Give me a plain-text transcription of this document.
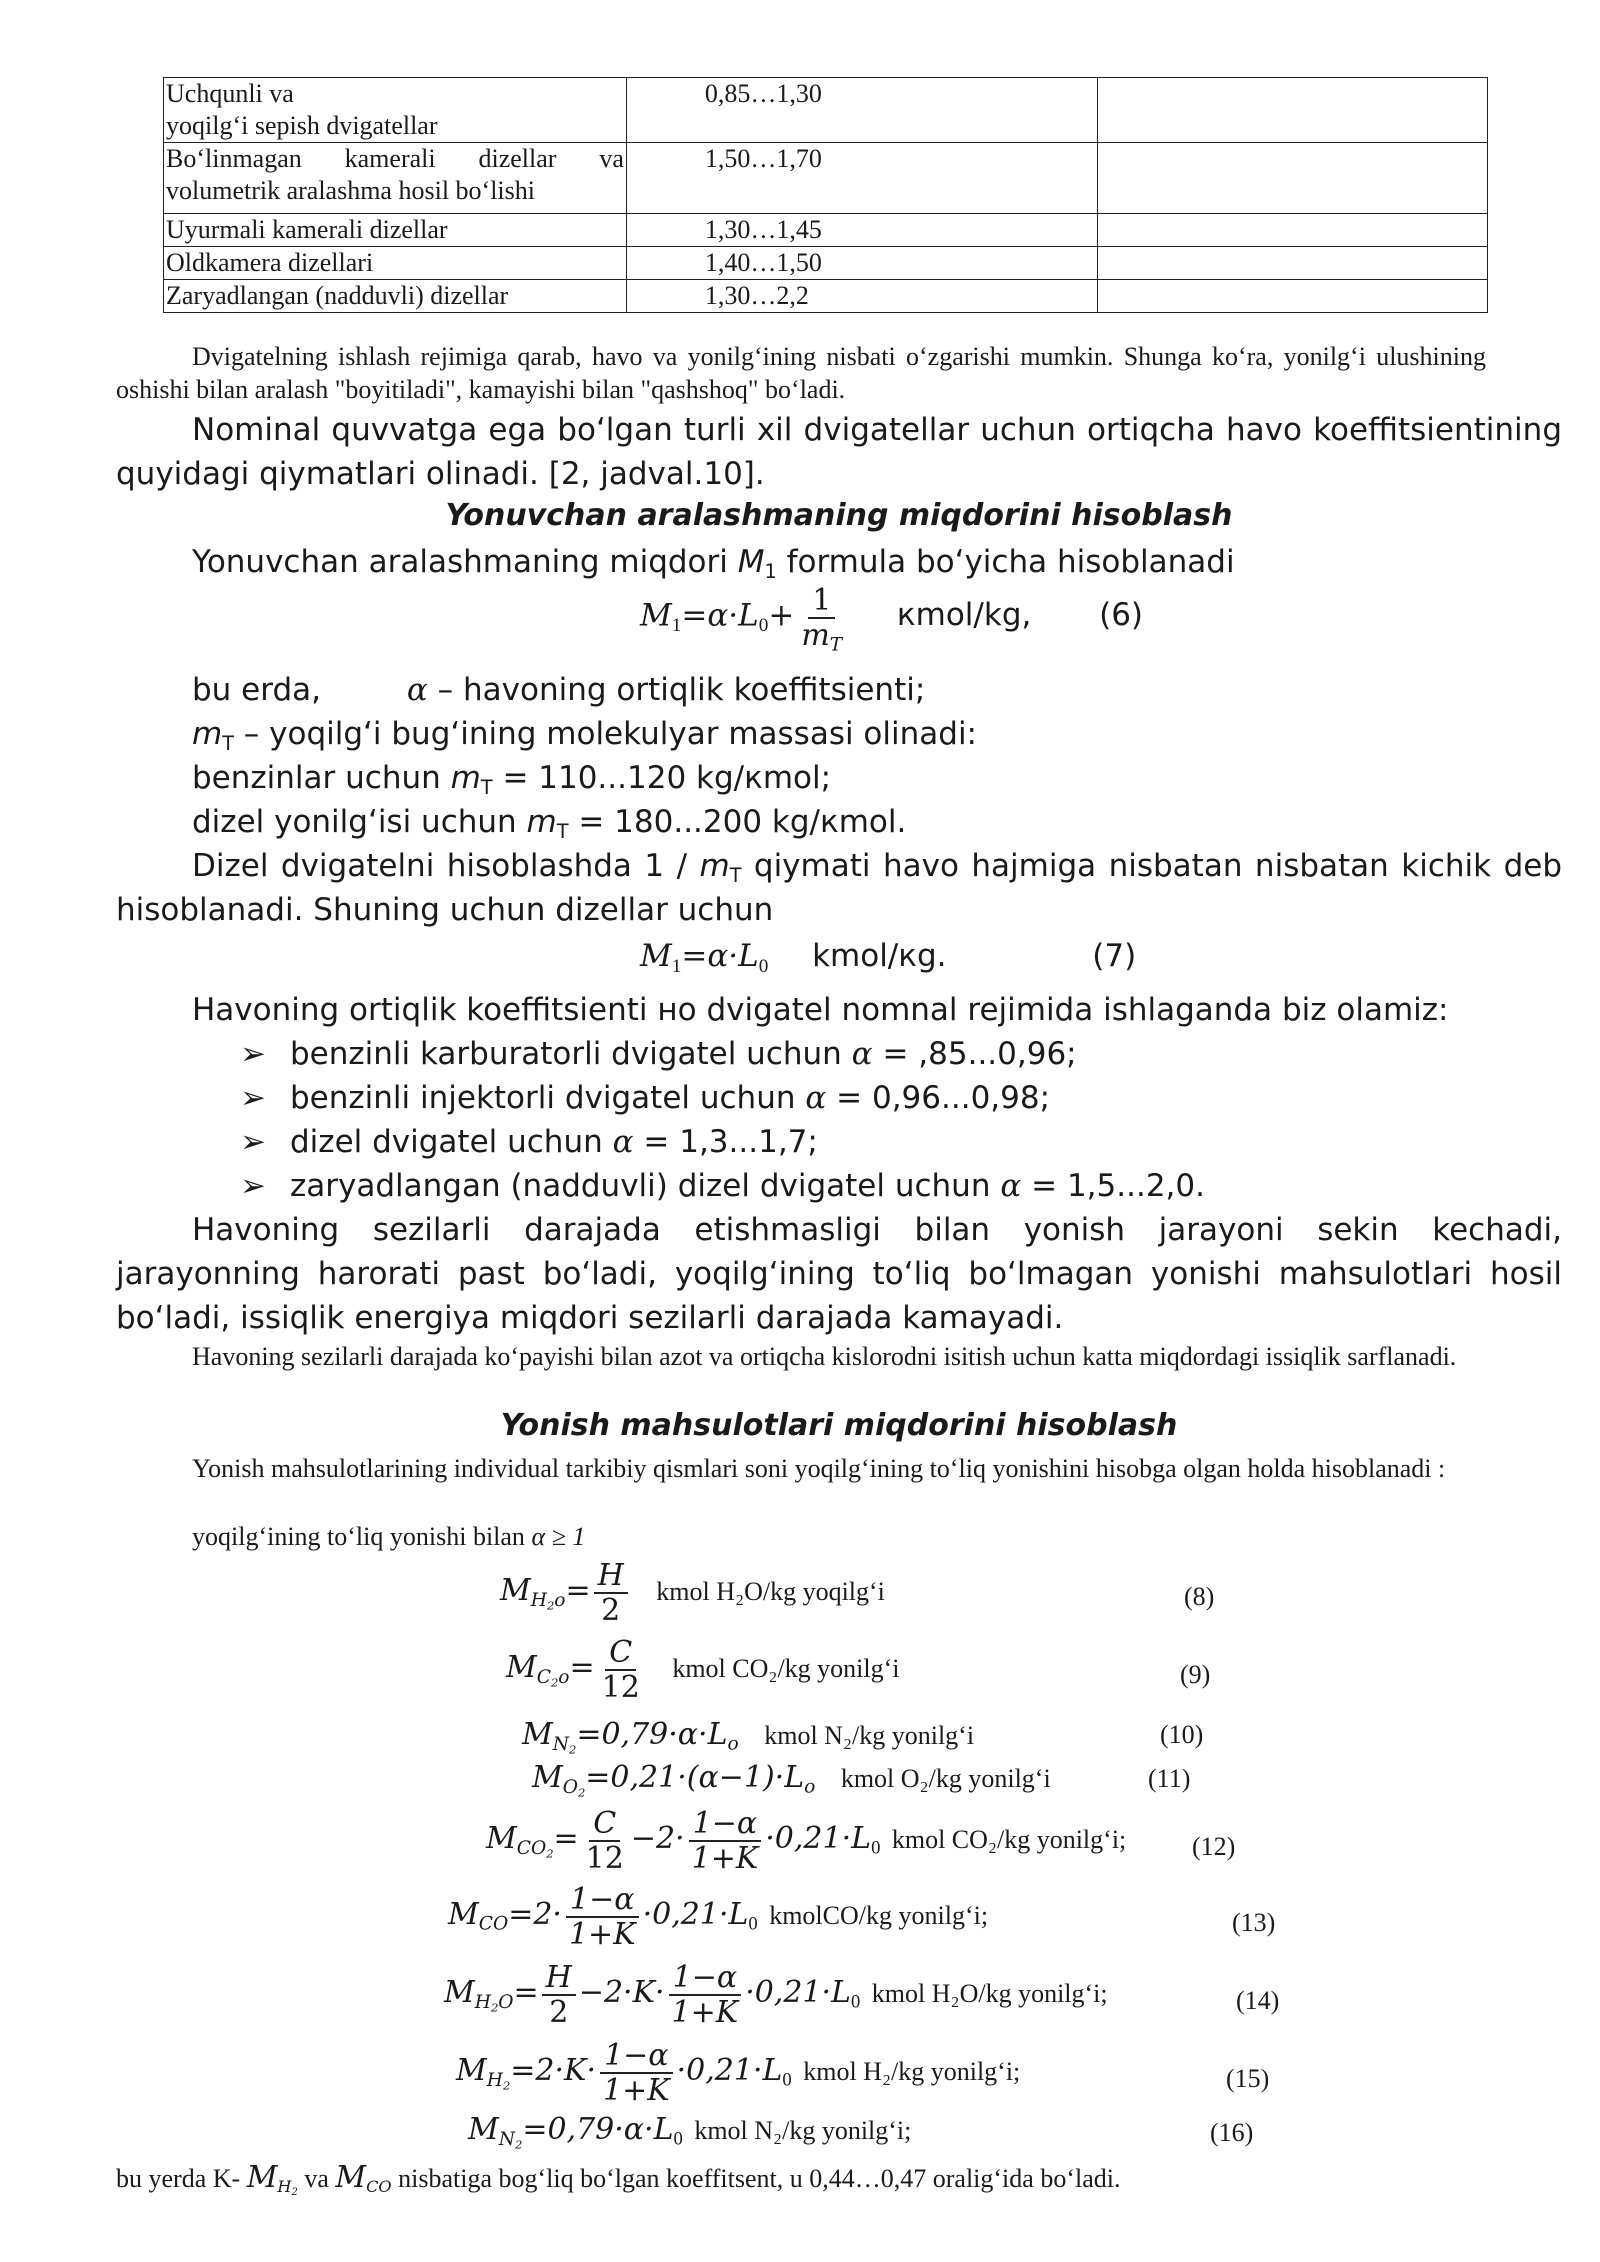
Uchqunli va
yoqilg‘i sepish dvigatellar	0,85…1,30	
Bo‘linmagan kamerali dizellar va volumetrik aralashma hosil bo‘lishi	1,50…1,70	
Uyurmali kamerali dizellar	1,30…1,45	
Oldkamera dizellari	1,40…1,50	
Zaryadlangan (nadduvli) dizellar	1,30…2,2	
Dvigatelning ishlash rejimiga qarab, havo va yonilg‘ining nisbati o‘zgarishi mumkin. Shunga ko‘ra, yonilg‘i ulushining oshishi bilan aralash "boyitiladi", kamayishi bilan "qashshoq" bo‘ladi.
Nominal quvvatga ega bo‘lgan turli xil dvigatellar uchun ortiqcha havo koeffitsientining quyidagi qiymatlari olinadi. [2, jadval.10].
Yonuvchan aralashmaning miqdorini hisoblash
Yonuvchan aralashmaning miqdori $M_1$ formula bo‘yicha hisoblanadi
$M_1=\alpha\cdot L_0+ \frac{1}{m_T}$ кmol/kg, (6)
bu erda,	α – havoning ortiqlik koeffitsienti;
$m_T$ – yoqilg‘i bug‘ining molekulyar massasi olinadi:
benzinlar uchun $m_T = 110...120$ kg/кmol;
dizel yonilg‘isi uchun $m_T = 180...200$ kg/кmol.
Dizel dvigatelni hisoblashda $1 / m_T$ qiymati havo hajmiga nisbatan nisbatan kichik deb hisoblanadi. Shuning uchun dizellar uchun
$M_1=\alpha\cdot L_0$ kmol/кg.	(7)
Havoning ortiqlik koeffitsienti но dvigatel nomnal rejimida ishlaganda biz olamiz:
➢ benzinli karburatorli dvigatel uchun α = ,85...0,96;
➢ benzinli injektorli dvigatel uchun α = 0,96...0,98;
➢ dizel dvigatel uchun α = 1,3...1,7;
➢ zaryadlangan (nadduvli) dizel dvigatel uchun α = 1,5...2,0.
Havoning sezilarli darajada etishmasligi bilan yonish jarayoni sekin kechadi, jarayonning harorati past bo‘ladi, yoqilg‘ining to‘liq bo‘lmagan yonishi mahsulotlari hosil bo‘ladi, issiqlik energiya miqdori sezilarli darajada kamayadi.
Havoning sezilarli darajada ko‘payishi bilan azot va ortiqcha kislorodni isitish uchun katta miqdordagi issiqlik sarflanadi.
Yonish mahsulotlari miqdorini hisoblash
Yonish mahsulotlarining individual tarkibiy qismlari soni yoqilg‘ining to‘liq yonishini hisobga olgan holda hisoblanadi :
yoqilg‘ining to‘liq yonishi bilan α ≥ 1
$M_{H_2o}= \frac{H}{2}$ kmol H₂O/kg yoqilg‘i	(8)
$M_{C_2o}= \frac{C}{12}$ kmol CO₂/kg yonilg‘i	(9)
$M_{N_2}=0,79\cdot\alpha\cdot L_o$ kmol N₂/kg yonilg‘i	(10)
$M_{O_2}=0,21\cdot(\alpha-1)\cdot L_o$ kmol O₂/kg yonilg‘i	(11)
$M_{CO_2}= \frac{C}{12} -2\cdot \frac{1-\alpha}{1+K} \cdot 0,21\cdot L_0$ kmol CO₂/kg yonilg‘i;	(12)
$M_{CO}=2\cdot \frac{1-\alpha}{1+K} \cdot 0,21\cdot L_0$ kmolCO/kg yonilg‘i;	(13)
$M_{H_2O}= \frac{H}{2} -2\cdot K\cdot \frac{1-\alpha}{1+K} \cdot 0,21\cdot L_0$ kmol H₂O/kg yonilg‘i;	(14)
$M_{H_2}=2\cdot K\cdot \frac{1-\alpha}{1+K} \cdot 0,21\cdot L_0$ kmol H₂/kg yonilg‘i;	(15)
$M_{N_2}=0,79\cdot\alpha\cdot L_0$ kmol N₂/kg yonilg‘i;	(16)
bu yerda K- $M_{H_2}$ va $M_{CO}$ nisbatiga bog‘liq bo‘lgan koeffitsent, u 0,44…0,47 oralig‘ida bo‘ladi.
